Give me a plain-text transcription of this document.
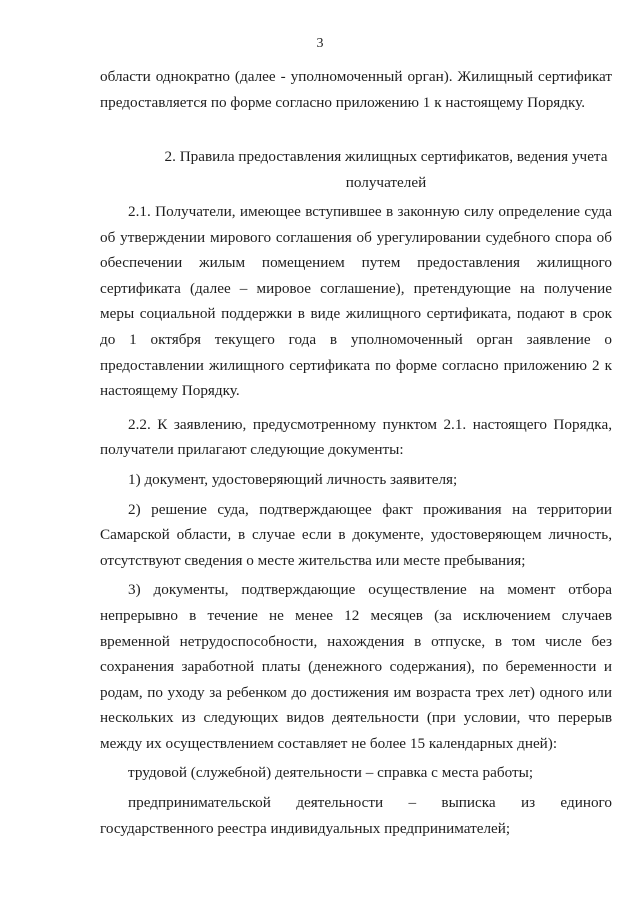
3

области однократно (далее - уполномоченный орган). Жилищный сертификат предоставляется по форме согласно приложению 1 к настоящему Порядку.

2. Правила предоставления жилищных сертификатов, ведения учета получателей

2.1. Получатели, имеющее вступившее в законную силу определение суда об утверждении мирового соглашения об урегулировании судебного спора об обеспечении жилым помещением путем предоставления жилищного сертификата (далее – мировое соглашение), претендующие на получение меры социальной поддержки в виде жилищного сертификата, подают в срок до 1 октября текущего года в уполномоченный орган заявление о предоставлении жилищного сертификата по форме согласно приложению 2 к настоящему Порядку.

2.2. К заявлению, предусмотренному пунктом 2.1. настоящего Порядка, получатели прилагают следующие документы:

1) документ, удостоверяющий личность заявителя;

2) решение суда, подтверждающее факт проживания на территории Самарской области, в случае если в документе, удостоверяющем личность, отсутствуют сведения о месте жительства или месте пребывания;

3) документы, подтверждающие осуществление на момент отбора непрерывно в течение не менее 12 месяцев (за исключением случаев временной нетрудоспособности, нахождения в отпуске, в том числе без сохранения заработной платы (денежного содержания), по беременности и родам, по уходу за ребенком до достижения им возраста трех лет) одного или нескольких из следующих видов деятельности (при условии, что перерыв между их осуществлением составляет не более 15 календарных дней):

трудовой (служебной) деятельности – справка с места работы;

предпринимательской деятельности – выписка из единого государственного реестра индивидуальных предпринимателей;
